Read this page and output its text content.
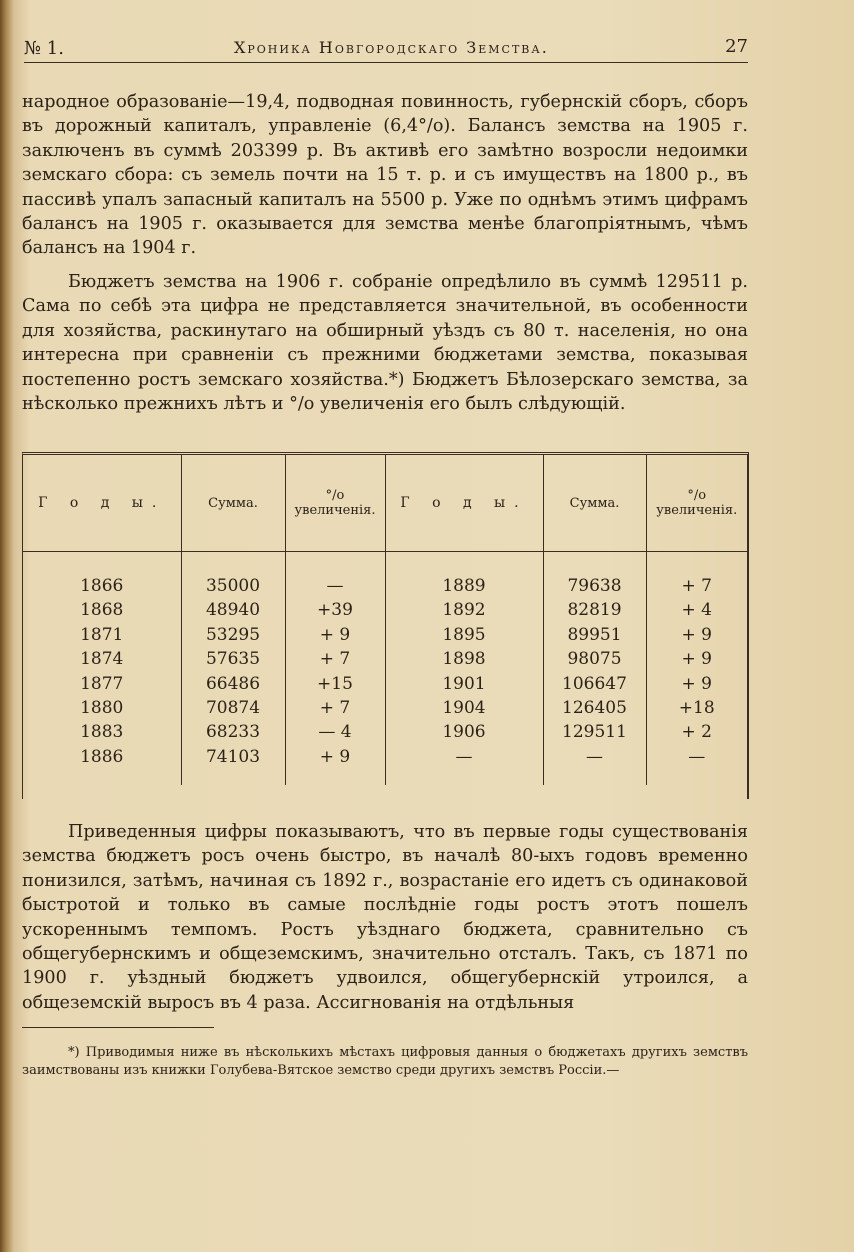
№ 1.	Хроника Новгородскаго Земства.	27

народное образованіе—19,4, подводная повинность, губернскій сборъ, сборъ въ дорожный капиталъ, управленіе (6,4°/о). Балансъ земства на 1905 г. заключенъ въ суммѣ 203399 р. Въ активѣ его замѣтно возросли недоимки земскаго сбора: съ земель почти на 15 т. р. и съ имуществъ на 1800 р., въ пассивѣ упалъ запасный капиталъ на 5500 р. Уже по однѣмъ этимъ цифрамъ балансъ на 1905 г. оказывается для земства менѣе благопріятнымъ, чѣмъ балансъ на 1904 г.

Бюджетъ земства на 1906 г. собраніе опредѣлило въ суммѣ 129511 р. Сама по себѣ эта цифра не представляется значительной, въ особенности для хозяйства, раскинутаго на обширный уѣздъ съ 80 т. населенія, но она интересна при сравненіи съ прежними бюджетами земства, показывая постепенно ростъ земскаго хозяйства.*) Бюджетъ Бѣлозерскаго земства, за нѣсколько прежнихъ лѣтъ и °/о увеличенія его былъ слѣдующій.

Г о д ы.	Сумма.	°/o увеличенія.	Г о д ы.	Сумма.	°/o увеличенія.

1866	35000	—	1889	79638	+ 7
1868	48940	+39	1892	82819	+ 4
1871	53295	+ 9	1895	89951	+ 9
1874	57635	+ 7	1898	98075	+ 9
1877	66486	+15	1901	106647	+ 9
1880	70874	+ 7	1904	126405	+18
1883	68233	— 4	1906	129511	+ 2
1886	74103	+ 9	—	—	—

Приведенныя цифры показываютъ, что въ первые годы существованія земства бюджетъ росъ очень быстро, въ началѣ 80-ыхъ годовъ временно понизился, затѣмъ, начиная съ 1892 г., возрастаніе его идетъ съ одинаковой быстротой и только въ самые послѣдніе годы ростъ этотъ пошелъ ускореннымъ темпомъ. Ростъ уѣзднаго бюджета, сравнительно съ общегубернскимъ и общеземскимъ, значительно отсталъ. Такъ, съ 1871 по 1900 г. уѣздный бюджетъ удвоился, общегубернскій утроился, а общеземскій выросъ въ 4 раза. Ассигнованія на отдѣльныя

*) Приводимыя ниже въ нѣсколькихъ мѣстахъ цифровыя данныя о бюджетахъ другихъ земствъ заимствованы изъ книжки Голубева-Вятское земство среди другихъ земствъ Россіи.—
